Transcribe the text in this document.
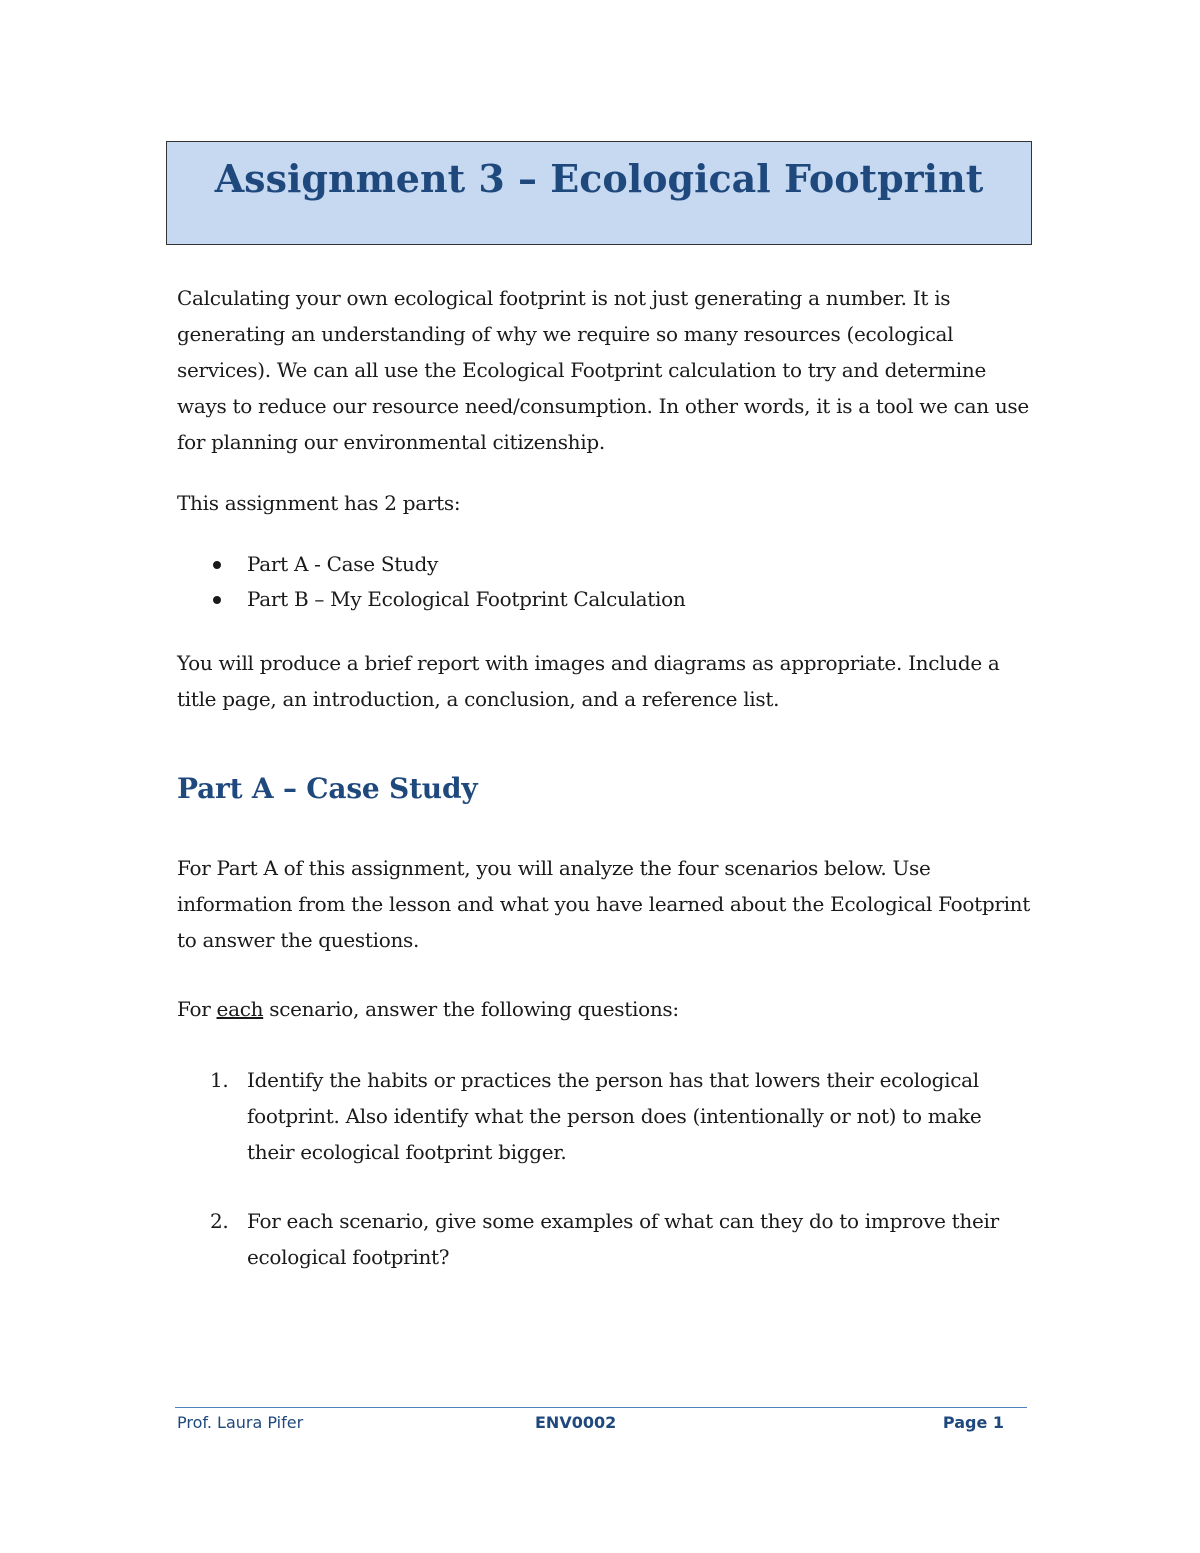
Assignment 3 – Ecological Footprint
Calculating your own ecological footprint is not just generating a number. It is generating an understanding of why we require so many resources (ecological services). We can all use the Ecological Footprint calculation to try and determine ways to reduce our resource need/consumption. In other words, it is a tool we can use for planning our environmental citizenship.
This assignment has 2 parts:
Part A - Case Study
Part B – My Ecological Footprint Calculation
You will produce a brief report with images and diagrams as appropriate. Include a title page, an introduction, a conclusion, and a reference list.
Part A – Case Study
For Part A of this assignment, you will analyze the four scenarios below. Use information from the lesson and what you have learned about the Ecological Footprint to answer the questions.
For each scenario, answer the following questions:
1. Identify the habits or practices the person has that lowers their ecological footprint. Also identify what the person does (intentionally or not) to make their ecological footprint bigger.
2. For each scenario, give some examples of what can they do to improve their ecological footprint?
Prof. Laura Pifer	ENV0002	Page 1
